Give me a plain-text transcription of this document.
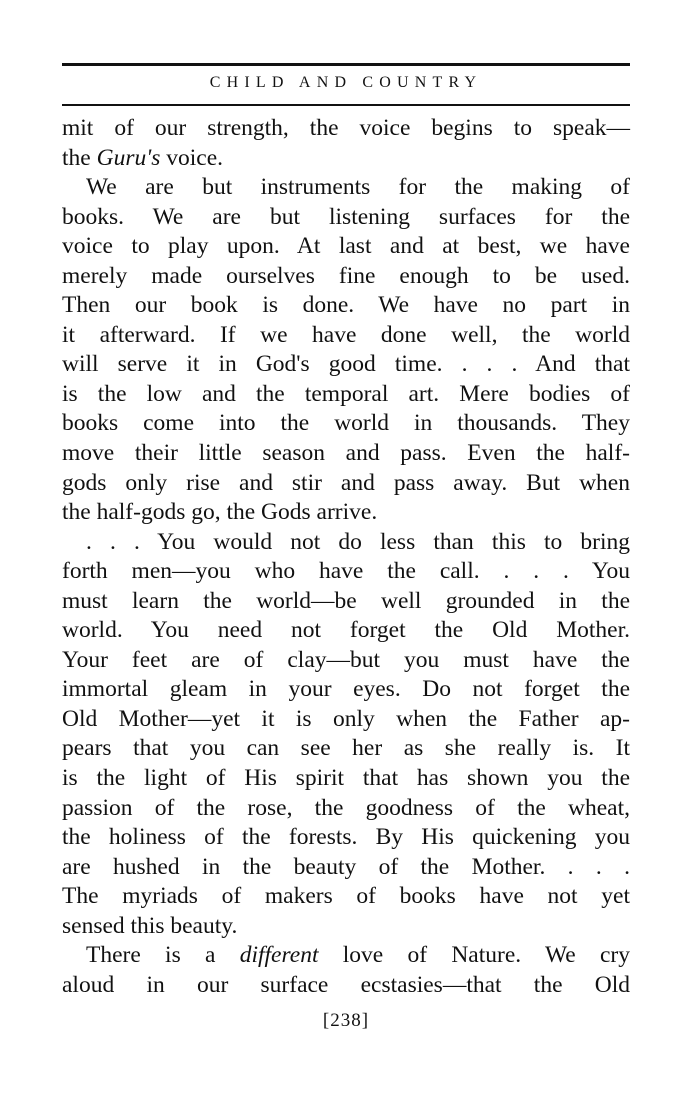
CHILD AND COUNTRY
mit of our strength, the voice begins to speak—
the Guru's voice.
We are but instruments for the making of
books. We are but listening surfaces for the
voice to play upon. At last and at best, we have
merely made ourselves fine enough to be used.
Then our book is done. We have no part in
it afterward. If we have done well, the world
will serve it in God's good time. . . . And that
is the low and the temporal art. Mere bodies of
books come into the world in thousands. They
move their little season and pass. Even the half-
gods only rise and stir and pass away. But when
the half-gods go, the Gods arrive.
. . . You would not do less than this to bring
forth men—you who have the call. . . . You
must learn the world—be well grounded in the
world. You need not forget the Old Mother.
Your feet are of clay—but you must have the
immortal gleam in your eyes. Do not forget the
Old Mother—yet it is only when the Father ap-
pears that you can see her as she really is. It
is the light of His spirit that has shown you the
passion of the rose, the goodness of the wheat,
the holiness of the forests. By His quickening you
are hushed in the beauty of the Mother. . . .
The myriads of makers of books have not yet
sensed this beauty.
There is a different love of Nature. We cry
aloud in our surface ecstasies—that the Old
[238]
